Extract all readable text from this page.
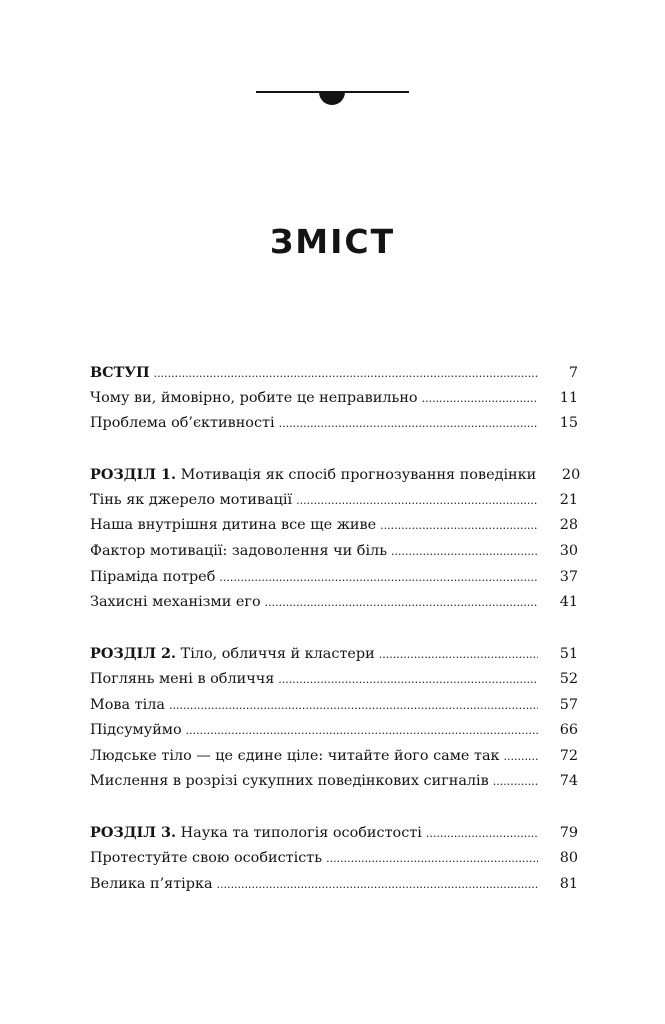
ЗМІСТ
ВСТУП .....	7
Чому ви, ймовірно, робите це неправильно .....	11
Проблема об’єктивності .....	15
РОЗДІЛ 1. Мотивація як спосіб прогнозування поведінки	20
Тінь як джерело мотивації .....	21
Наша внутрішня дитина все ще живе .....	28
Фактор мотивації: задоволення чи біль .....	30
Піраміда потреб .....	37
Захисні механізми его .....	41
РОЗДІЛ 2. Тіло, обличчя й кластери .....	51
Поглянь мені в обличчя .....	52
Мова тіла .....	57
Підсумуймо .....	66
Людське тіло — це єдине ціле: читайте його саме так .....	72
Мислення в розрізі сукупних поведінкових сигналів .....	74
РОЗДІЛ 3. Наука та типологія особистості .....	79
Протестуйте свою особистість .....	80
Велика п’ятірка .....	81
